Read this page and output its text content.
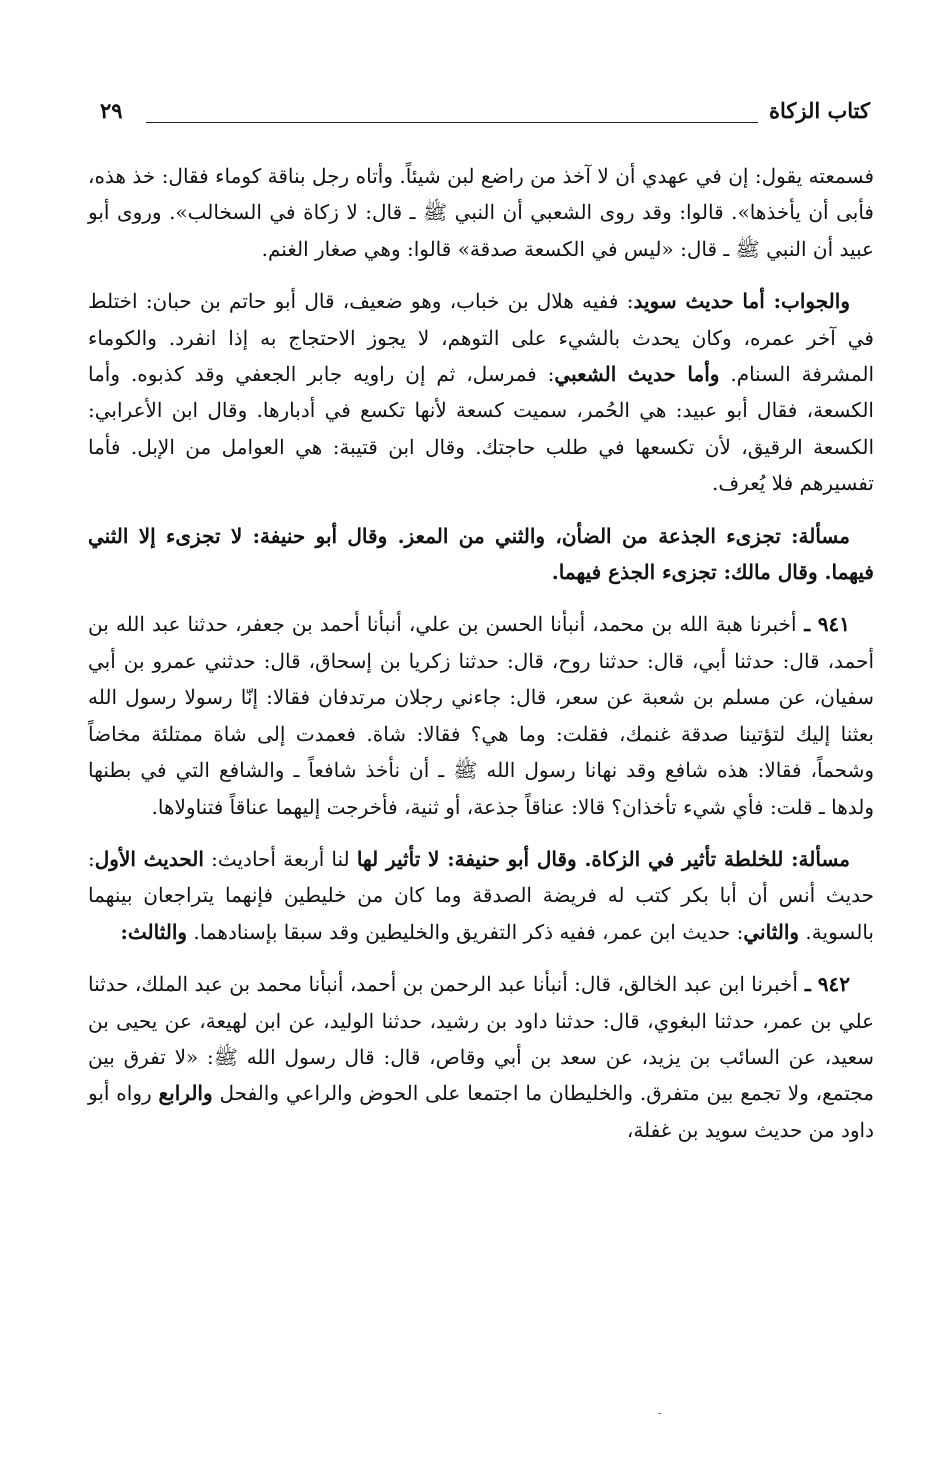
كتاب الزكاة
٢٩

فسمعته يقول: إن في عهدي أن لا آخذ من راضع لبن شيئاً. وأتاه رجل بناقة كوماء فقال: خذ هذه، فأبى أن يأخذها». قالوا: وقد روى الشعبي أن النبي ﷺ ـ قال: لا زكاة في السخالب». وروى أبو عبيد أن النبي ﷺ ـ قال: «ليس في الكسعة صدقة» قالوا: وهي صغار الغنم.

والجواب: أما حديث سويد: ففيه هلال بن خباب، وهو ضعيف، قال أبو حاتم بن حبان: اختلط في آخر عمره، وكان يحدث بالشيء على التوهم، لا يجوز الاحتجاج به إذا انفرد. والكوماء المشرفة السنام. وأما حديث الشعبي: فمرسل، ثم إن راويه جابر الجعفي وقد كذبوه. وأما الكسعة، فقال أبو عبيد: هي الحُمر، سميت كسعة لأنها تكسع في أدبارها. وقال ابن الأعرابي: الكسعة الرقيق، لأن تكسعها في طلب حاجتك. وقال ابن قتيبة: هي العوامل من الإبل. فأما تفسيرهم فلا يُعرف.

مسألة: تجزىء الجذعة من الضأن، والثني من المعز. وقال أبو حنيفة: لا تجزىء إلا الثني فيهما. وقال مالك: تجزىء الجذع فيهما.

٩٤١ ـ أخبرنا هبة الله بن محمد، أنبأنا الحسن بن علي، أنبأنا أحمد بن جعفر، حدثنا عبد الله بن أحمد، قال: حدثنا أبي، قال: حدثنا روح، قال: حدثنا زكريا بن إسحاق، قال: حدثني عمرو بن أبي سفيان، عن مسلم بن شعبة عن سعر، قال: جاءني رجلان مرتدفان فقالا: إنّا رسولا رسول الله بعثنا إليك لتؤتينا صدقة غنمك، فقلت: وما هي؟ فقالا: شاة. فعمدت إلى شاة ممتلئة مخاضاً وشحماً، فقالا: هذه شافع وقد نهانا رسول الله ﷺ ـ أن نأخذ شافعاً ـ والشافع التي في بطنها ولدها ـ قلت: فأي شيء تأخذان؟ قالا: عناقاً جذعة، أو ثنية، فأخرجت إليهما عناقاً فتناولاها.

مسألة: للخلطة تأثير في الزكاة. وقال أبو حنيفة: لا تأثير لها لنا أربعة أحاديث: الحديث الأول: حديث أنس أن أبا بكر كتب له فريضة الصدقة وما كان من خليطين فإنهما يتراجعان بينهما بالسوية. والثاني: حديث ابن عمر، ففيه ذكر التفريق والخليطين وقد سبقا بإسنادهما. والثالث:

٩٤٢ ـ أخبرنا ابن عبد الخالق، قال: أنبأنا عبد الرحمن بن أحمد، أنبأنا محمد بن عبد الملك، حدثنا علي بن عمر، حدثنا البغوي، قال: حدثنا داود بن رشيد، حدثنا الوليد، عن ابن لهيعة، عن يحيى بن سعيد، عن السائب بن يزيد، عن سعد بن أبي وقاص، قال: قال رسول الله ﷺ: «لا تفرق بين مجتمع، ولا تجمع بين متفرق. والخليطان ما اجتمعا على الحوض والراعي والفحل والرابع رواه أبو داود من حديث سويد بن غفلة،
